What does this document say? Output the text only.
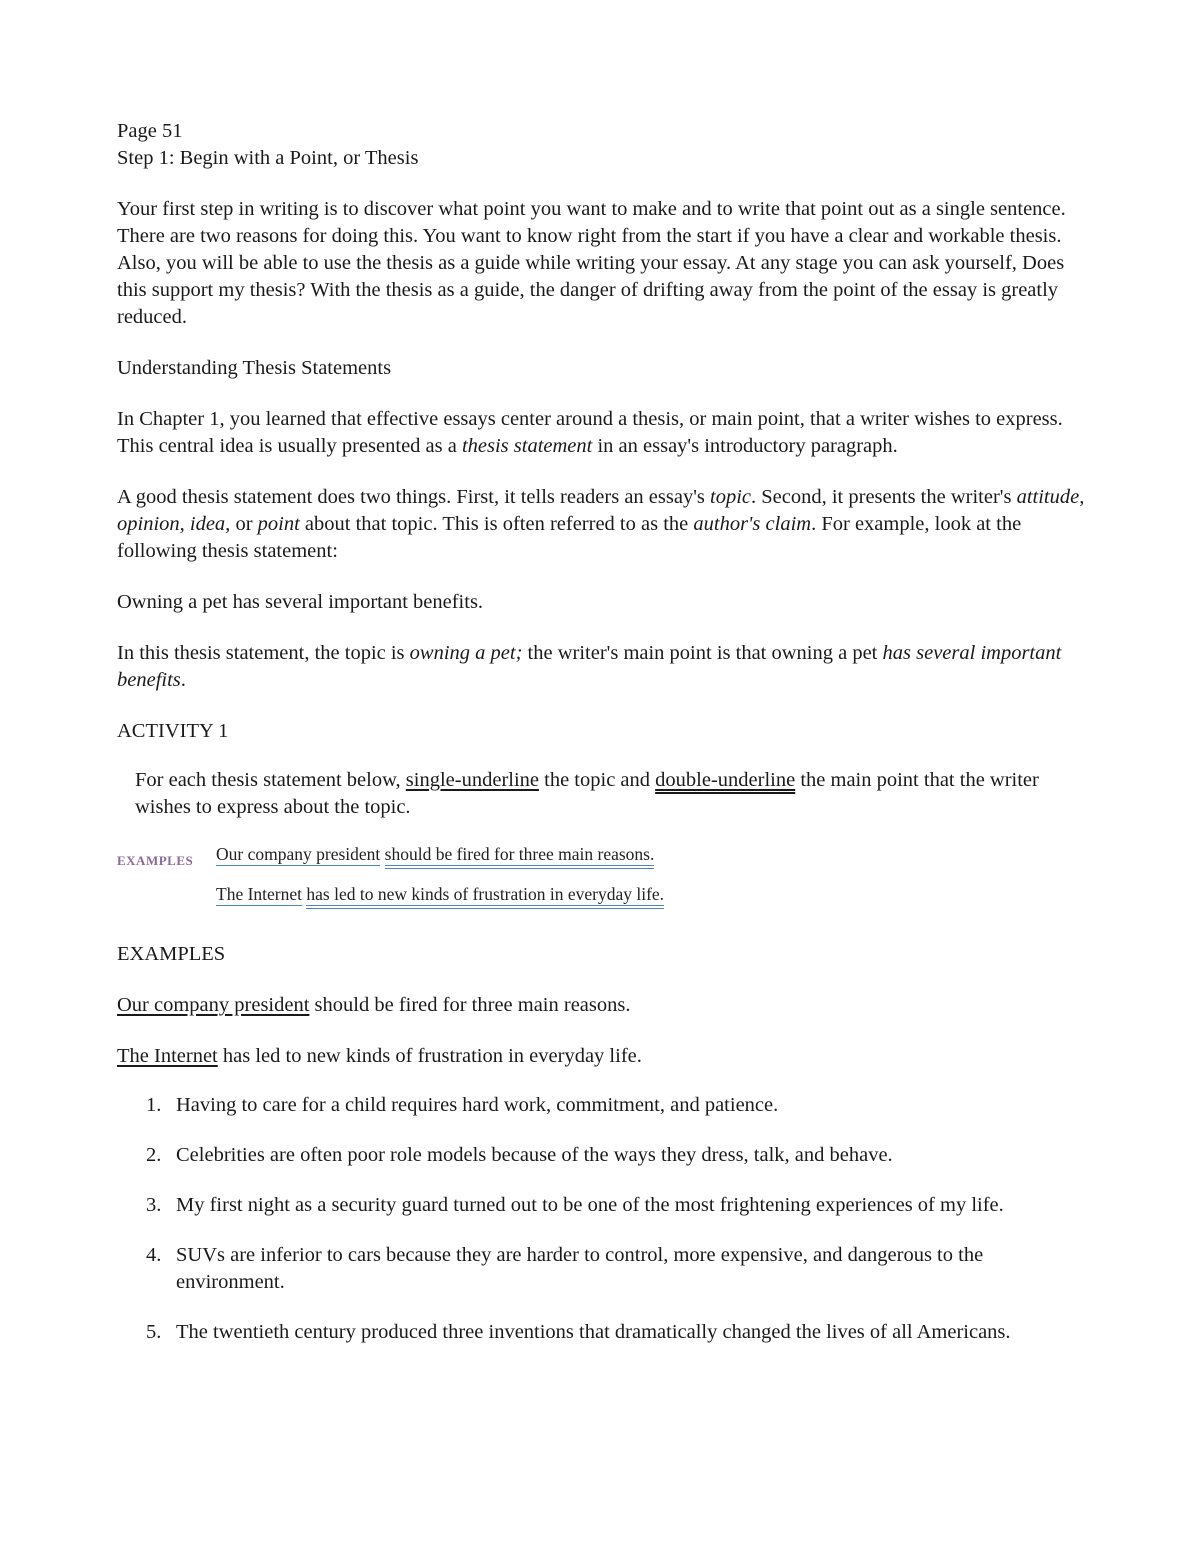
Page 51

Step 1: Begin with a Point, or Thesis

Your first step in writing is to discover what point you want to make and to write that point out as a single sentence. There are two reasons for doing this. You want to know right from the start if you have a clear and workable thesis. Also, you will be able to use the thesis as a guide while writing your essay. At any stage you can ask yourself, Does this support my thesis? With the thesis as a guide, the danger of drifting away from the point of the essay is greatly reduced.

Understanding Thesis Statements

In Chapter 1, you learned that effective essays center around a thesis, or main point, that a writer wishes to express. This central idea is usually presented as a thesis statement in an essay's introductory paragraph.

A good thesis statement does two things. First, it tells readers an essay's topic. Second, it presents the writer's attitude, opinion, idea, or point about that topic. This is often referred to as the author's claim. For example, look at the following thesis statement:

Owning a pet has several important benefits.

In this thesis statement, the topic is owning a pet; the writer's main point is that owning a pet has several important benefits.

ACTIVITY 1

For each thesis statement below, single-underline the topic and double-underline the main point that the writer wishes to express about the topic.

EXAMPLES Our company president should be fired for three main reasons.
The Internet has led to new kinds of frustration in everyday life.

EXAMPLES

Our company president should be fired for three main reasons.

The Internet has led to new kinds of frustration in everyday life.

1. Having to care for a child requires hard work, commitment, and patience.
2. Celebrities are often poor role models because of the ways they dress, talk, and behave.
3. My first night as a security guard turned out to be one of the most frightening experiences of my life.
4. SUVs are inferior to cars because they are harder to control, more expensive, and dangerous to the environment.
5. The twentieth century produced three inventions that dramatically changed the lives of all Americans.
